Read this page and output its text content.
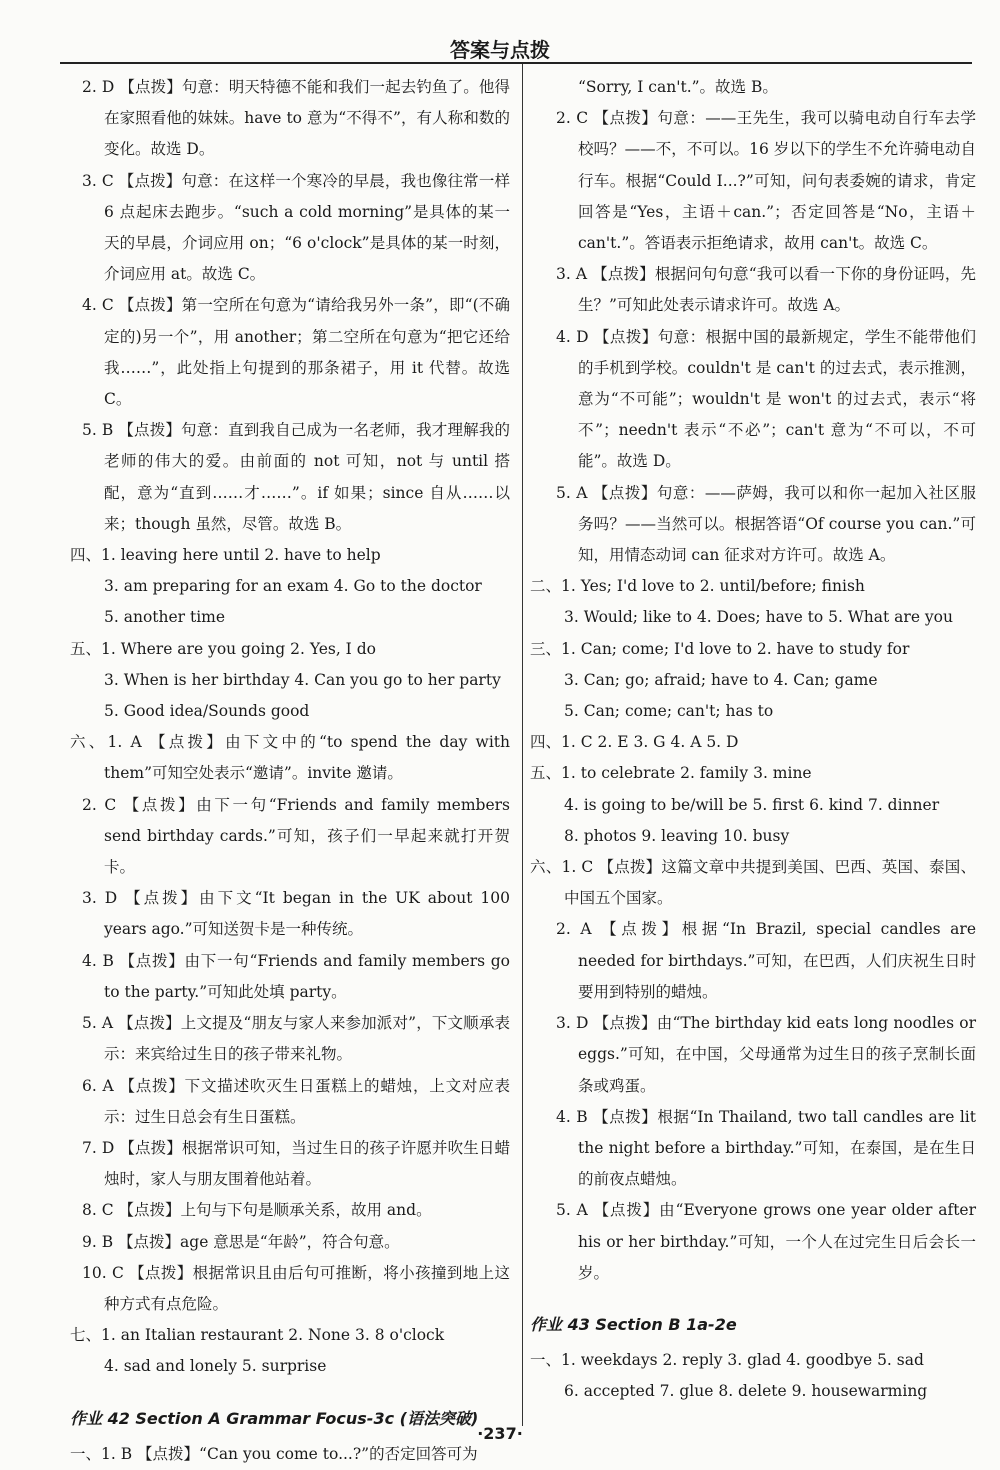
答案与点拨

2. D 【点拨】句意：明天特德不能和我们一起去钓鱼了。他得在家照看他的妹妹。have to 意为“不得不”，有人称和数的变化。故选 D。

3. C 【点拨】句意：在这样一个寒冷的早晨，我也像往常一样 6 点起床去跑步。“such a cold morning”是具体的某一天的早晨，介词应用 on；“6 o'clock”是具体的某一时刻，介词应用 at。故选 C。

4. C 【点拨】第一空所在句意为“请给我另外一条”，即“(不确定的)另一个”，用 another；第二空所在句意为“把它还给我……”，此处指上句提到的那条裙子，用 it 代替。故选 C。

5. B 【点拨】句意：直到我自己成为一名老师，我才理解我的老师的伟大的爱。由前面的 not 可知，not 与 until 搭配，意为“直到……才……”。if 如果；since 自从……以来；though 虽然，尽管。故选 B。

四、1. leaving here until 2. have to help

3. am preparing for an exam 4. Go to the doctor

5. another time

五、1. Where are you going 2. Yes, I do

3. When is her birthday 4. Can you go to her party

5. Good idea/Sounds good

六、1. A 【点拨】由下文中的“to spend the day with them”可知空处表示“邀请”。invite 邀请。

2. C 【点拨】由下一句“Friends and family members send birthday cards.”可知，孩子们一早起来就打开贺卡。

3. D 【点拨】由下文“It began in the UK about 100 years ago.”可知送贺卡是一种传统。

4. B 【点拨】由下一句“Friends and family members go to the party.”可知此处填 party。

5. A 【点拨】上文提及“朋友与家人来参加派对”，下文顺承表示：来宾给过生日的孩子带来礼物。

6. A 【点拨】下文描述吹灭生日蛋糕上的蜡烛，上文对应表示：过生日总会有生日蛋糕。

7. D 【点拨】根据常识可知，当过生日的孩子许愿并吹生日蜡烛时，家人与朋友围着他站着。

8. C 【点拨】上句与下句是顺承关系，故用 and。

9. B 【点拨】age 意思是“年龄”，符合句意。

10. C 【点拨】根据常识且由后句可推断，将小孩撞到地上这种方式有点危险。

七、1. an Italian restaurant 2. None 3. 8 o'clock

4. sad and lonely 5. surprise

作业 42 Section A Grammar Focus-3c (语法突破)

一、1. B 【点拨】“Can you come to...?”的否定回答可为

“Sorry, I can't.”。故选 B。

2. C 【点拨】句意：——王先生，我可以骑电动自行车去学校吗？——不，不可以。16 岁以下的学生不允许骑电动自行车。根据“Could I...?”可知，问句表委婉的请求，肯定回答是“Yes，主语＋can.”；否定回答是“No，主语＋can't.”。答语表示拒绝请求，故用 can't。故选 C。

3. A 【点拨】根据问句句意“我可以看一下你的身份证吗，先生？”可知此处表示请求许可。故选 A。

4. D 【点拨】句意：根据中国的最新规定，学生不能带他们的手机到学校。couldn't 是 can't 的过去式，表示推测，意为“不可能”；wouldn't 是 won't 的过去式，表示“将不”；needn't 表示“不必”；can't 意为“不可以，不可能”。故选 D。

5. A 【点拨】句意：——萨姆，我可以和你一起加入社区服务吗？——当然可以。根据答语“Of course you can.”可知，用情态动词 can 征求对方许可。故选 A。

二、1. Yes; I'd love to 2. until/before; finish

3. Would; like to 4. Does; have to 5. What are you

三、1. Can; come; I'd love to 2. have to study for

3. Can; go; afraid; have to 4. Can; game

5. Can; come; can't; has to

四、1. C 2. E 3. G 4. A 5. D

五、1. to celebrate 2. family 3. mine

4. is going to be/will be 5. first 6. kind 7. dinner

8. photos 9. leaving 10. busy

六、1. C 【点拨】这篇文章中共提到美国、巴西、英国、泰国、中国五个国家。

2. A 【点拨】根据“In Brazil, special candles are needed for birthdays.”可知，在巴西，人们庆祝生日时要用到特别的蜡烛。

3. D 【点拨】由“The birthday kid eats long noodles or eggs.”可知，在中国，父母通常为过生日的孩子烹制长面条或鸡蛋。

4. B 【点拨】根据“In Thailand, two tall candles are lit the night before a birthday.”可知，在泰国，是在生日的前夜点蜡烛。

5. A 【点拨】由“Everyone grows one year older after his or her birthday.”可知，一个人在过完生日后会长一岁。

作业 43 Section B 1a-2e

一、1. weekdays 2. reply 3. glad 4. goodbye 5. sad

6. accepted 7. glue 8. delete 9. housewarming

·237·
